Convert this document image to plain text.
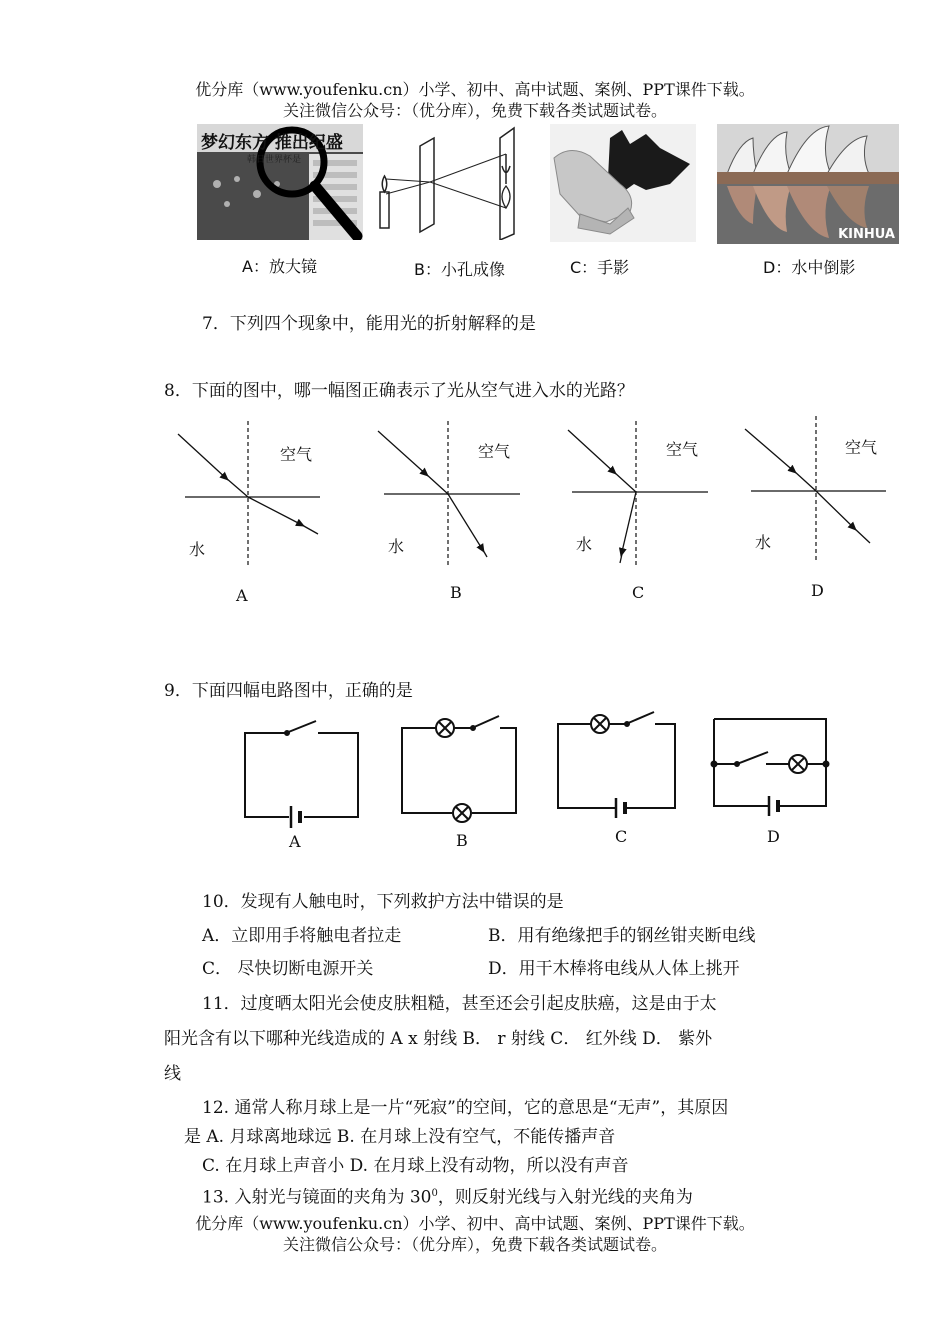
优分库（www.youfenku.cn）小学、初中、高中试题、案例、PPT课件下载。
关注微信公众号：（优分库），免费下载各类试题试卷。
梦幻东方 推出纪盛
韩日世界杯是
KINHUA
A：放大镜	B：小孔成像	C：手影	D：水中倒影
7．下列四个现象中，能用光的折射解释的是
8．下面的图中，哪一幅图正确表示了光从空气进入水的光路？
空气	空气	空气	空气
水	水	水	水
A	B	C	D
9．下面四幅电路图中，正确的是
A	B	C	D
10．发现有人触电时，下列救护方法中错误的是
A．立即用手将触电者拉走	B．用有绝缘把手的钢丝钳夹断电线
C． 尽快切断电源开关	D．用干木棒将电线从人体上挑开
11．过度晒太阳光会使皮肤粗糙，甚至还会引起皮肤癌，这是由于太
阳光含有以下哪种光线造成的 A x 射线 B． r 射线 C． 红外线 D． 紫外
线
12. 通常人称月球上是一片“死寂”的空间，它的意思是“无声”，其原因
是 A. 月球离地球远 B. 在月球上没有空气，不能传播声音
C. 在月球上声音小 D. 在月球上没有动物，所以没有声音
13. 入射光与镜面的夹角为 $30^0$，则反射光线与入射光线的夹角为
优分库（www.youfenku.cn）小学、初中、高中试题、案例、PPT课件下载。
关注微信公众号：（优分库），免费下载各类试题试卷。
